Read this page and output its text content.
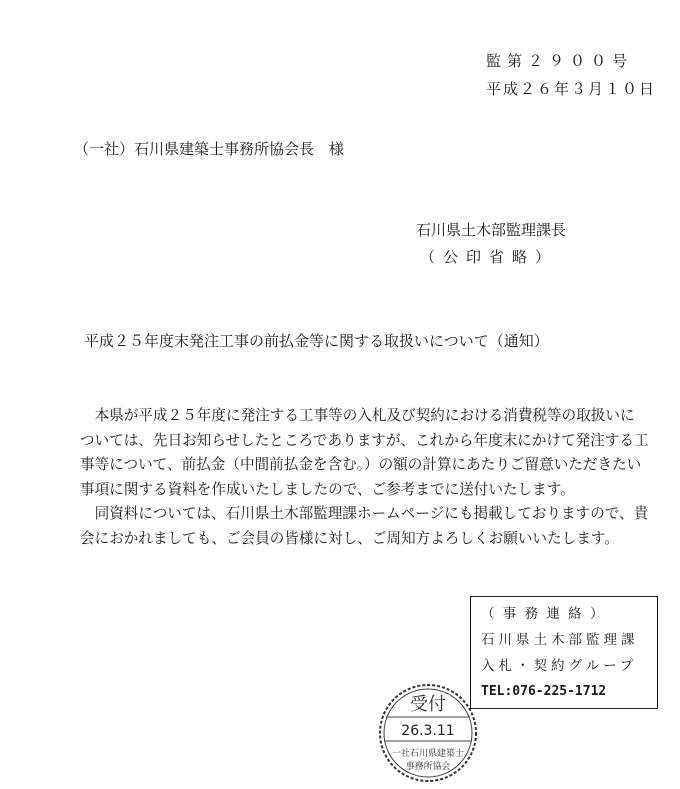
監第２９００号
平成２６年３月１０日
（一社）石川県建築士事務所協会長　様
石川県土木部監理課長
（公印省略）
平成２５年度末発注工事の前払金等に関する取扱いについて（通知）

　本県が平成２５年度に発注する工事等の入札及び契約における消費税等の取扱いに

ついては、先日お知らせしたところでありますが、これから年度末にかけて発注する工

事等について、前払金（中間前払金を含む。）の額の計算にあたりご留意いただきたい

事項に関する資料を作成いたしましたので、ご参考までに送付いたします。

　同資料については、石川県土木部監理課ホームページにも掲載しておりますので、貴

会におかれましても、ご会員の皆様に対し、ご周知方よろしくお願いいたします。

（ 事 務 連 絡 ）
石川県土木部監理課
入札・契約グループ
TEL:076-225-1712
受付
26.3.11
一社石川県建築士
事務所協会
